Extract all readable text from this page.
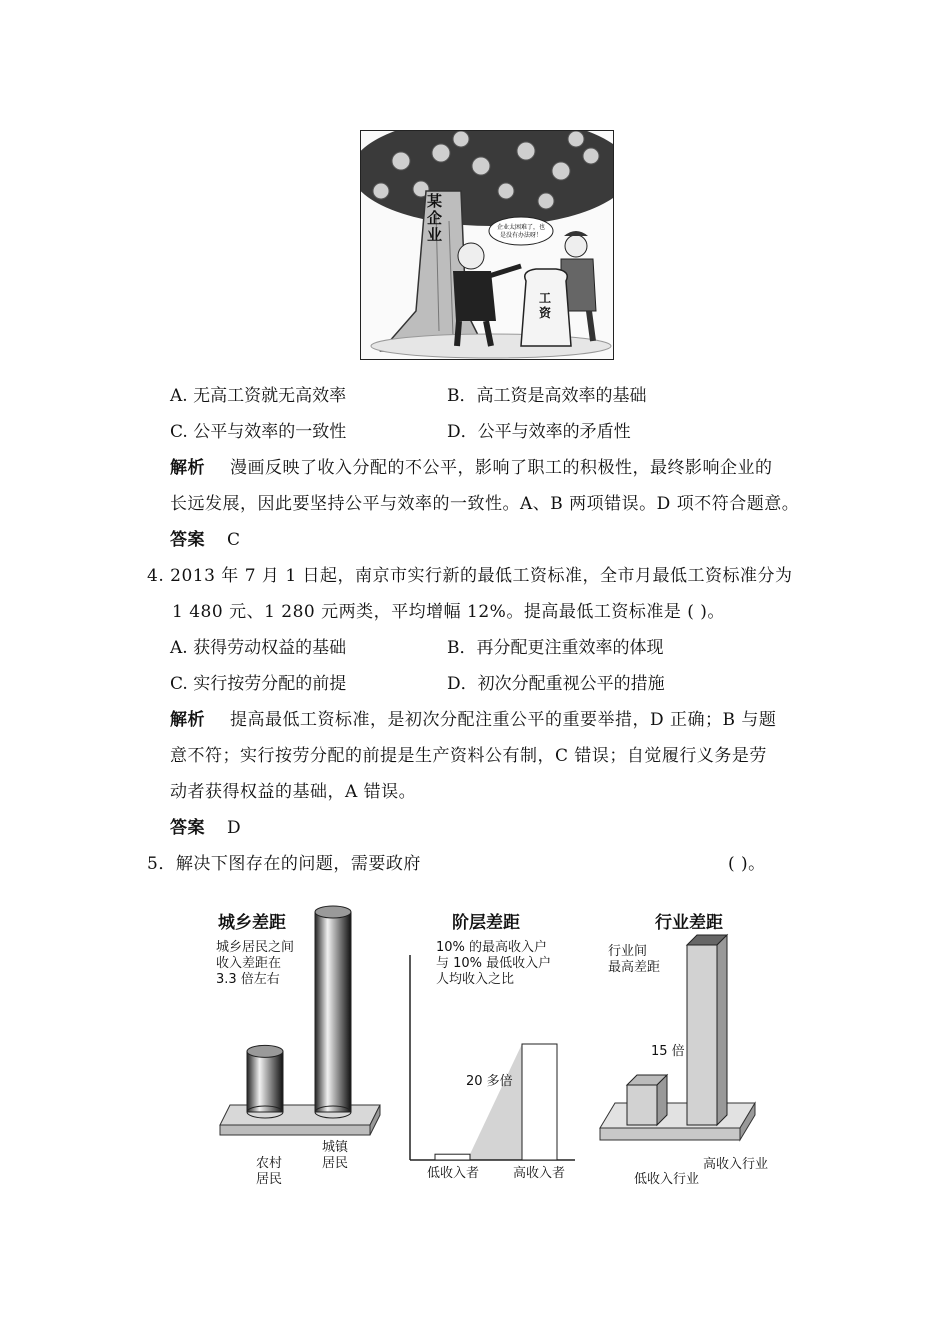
企业太困难了，也
是没有办法呀！
某企业
工资
A. 无高工资就无高效率	B．高工资是高效率的基础
C. 公平与效率的一致性	D．公平与效率的矛盾性
解析 漫画反映了收入分配的不公平，影响了职工的积极性，最终影响企业的
长远发展，因此要坚持公平与效率的一致性。A、B 两项错误。D 项不符合题意。
答案 C
4. 2013 年 7 月 1 日起，南京市实行新的最低工资标准，全市月最低工资标准分为
1 480 元、1 280 元两类，平均增幅 12%。提高最低工资标准是 ( )。
A. 获得劳动权益的基础	B．再分配更注重效率的体现
C. 实行按劳分配的前提	D．初次分配重视公平的措施
解析 提高最低工资标准，是初次分配注重公平的重要举措，D 正确；B 与题
意不符；实行按劳分配的前提是生产资料公有制，C 错误；自觉履行义务是劳
动者获得权益的基础，A 错误。
答案 D
5．解决下图存在的问题，需要政府	( )。
城乡差距
城乡居民之间
收入差距在
3.3 倍左右
农村
居民
城镇
居民
阶层差距
10% 的最高收入户
与 10% 最低收入户
人均收入之比
20 多倍
低收入者	高收入者
行业差距
行业间
最高差距
15 倍
高收入行业
低收入行业
